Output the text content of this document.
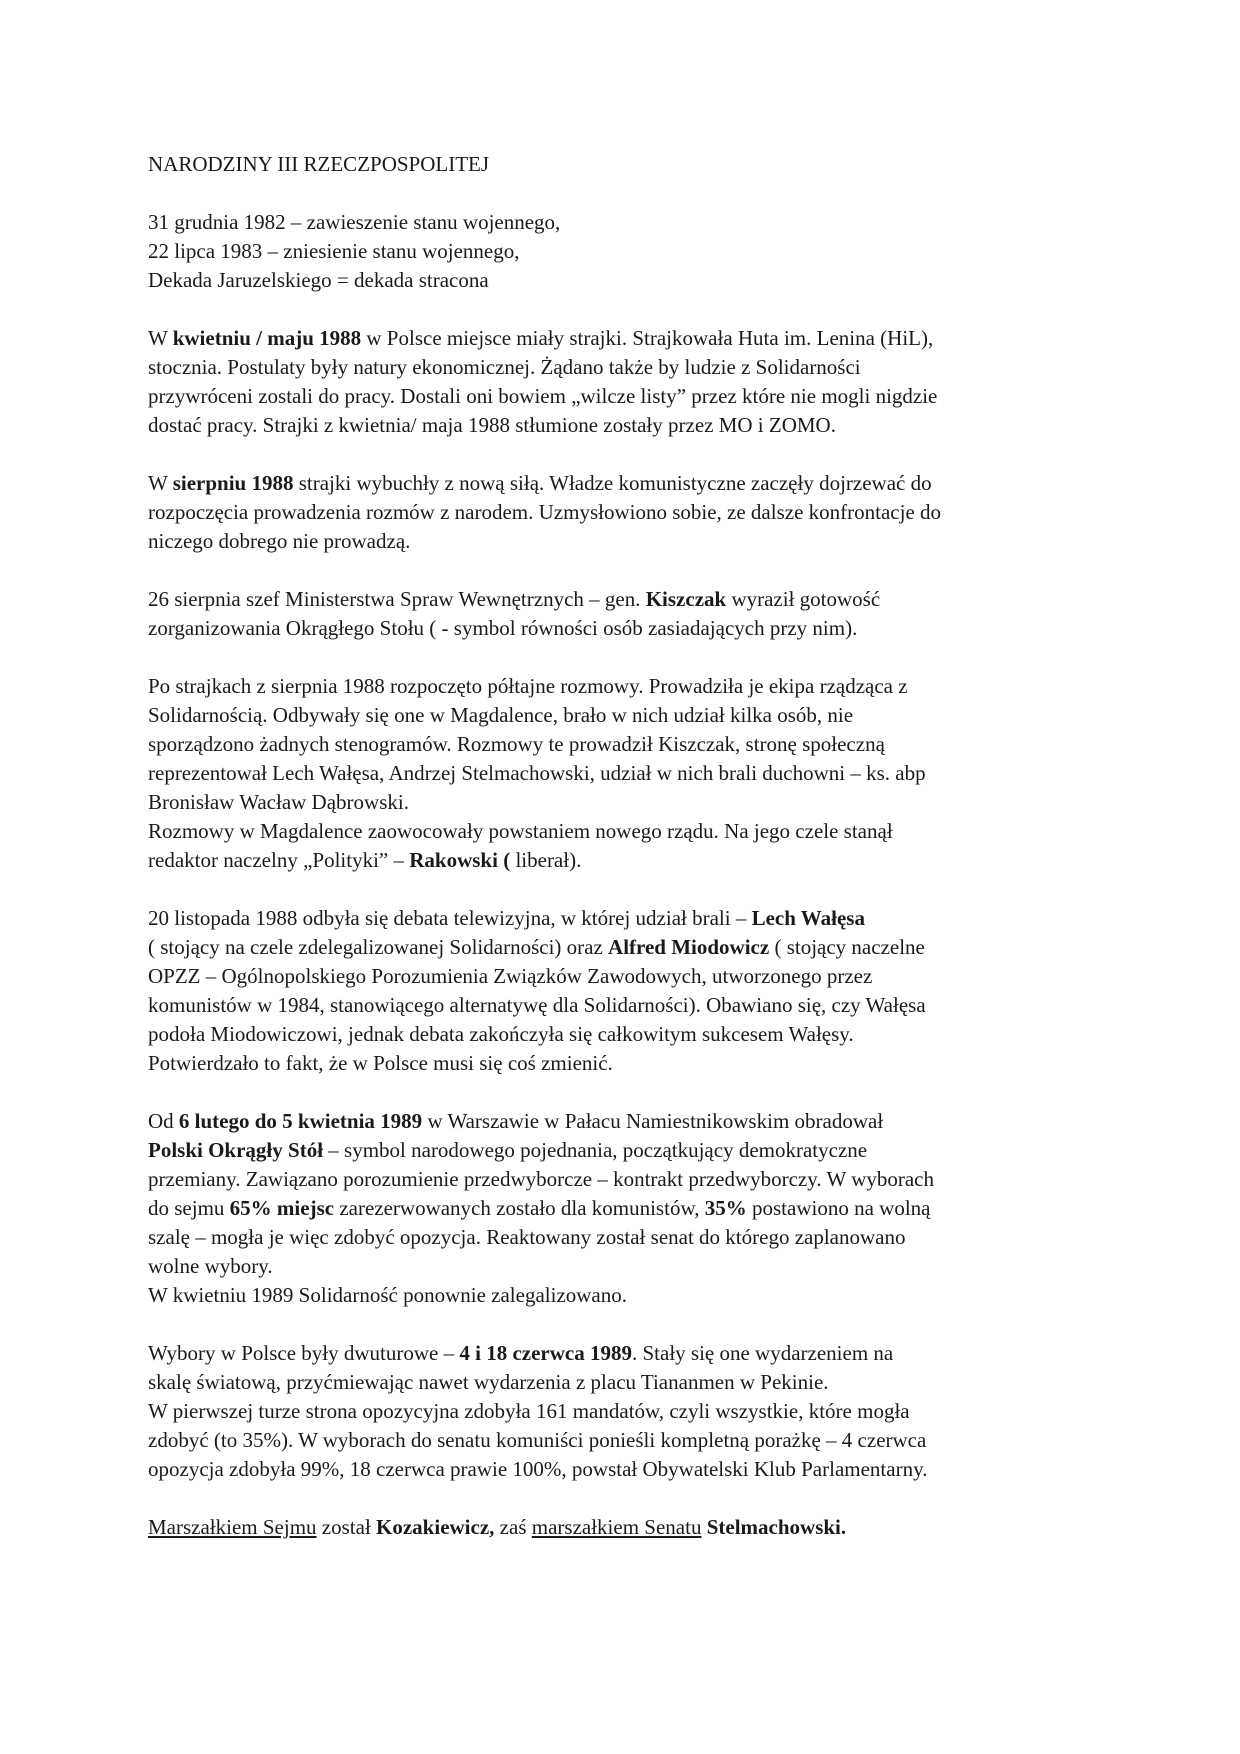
NARODZINY III RZECZPOSPOLITEJ

31 grudnia 1982 – zawieszenie stanu wojennego,
22 lipca 1983 – zniesienie stanu wojennego,
Dekada Jaruzelskiego = dekada stracona

W kwietniu / maju 1988 w Polsce miejsce miały strajki. Strajkowała Huta im. Lenina (HiL),
stocznia. Postulaty były natury ekonomicznej. Żądano także by ludzie z Solidarności
przywróceni zostali do pracy. Dostali oni bowiem „wilcze listy” przez które nie mogli nigdzie
dostać pracy. Strajki z kwietnia/ maja 1988 stłumione zostały przez MO i ZOMO.

W sierpniu 1988 strajki wybuchły z nową siłą. Władze komunistyczne zaczęły dojrzewać do
rozpoczęcia prowadzenia rozmów z narodem. Uzmysłowiono sobie, ze dalsze konfrontacje do
niczego dobrego nie prowadzą.

26 sierpnia szef Ministerstwa Spraw Wewnętrznych – gen. Kiszczak wyraził gotowość
zorganizowania Okrągłego Stołu ( - symbol równości osób zasiadających przy nim).

Po strajkach z sierpnia 1988 rozpoczęto półtajne rozmowy. Prowadziła je ekipa rządząca z
Solidarnością. Odbywały się one w Magdalence, brało w nich udział kilka osób, nie
sporządzono żadnych stenogramów. Rozmowy te prowadził Kiszczak, stronę społeczną
reprezentował Lech Wałęsa, Andrzej Stelmachowski, udział w nich brali duchowni – ks. abp
Bronisław Wacław Dąbrowski.
Rozmowy w Magdalence zaowocowały powstaniem nowego rządu. Na jego czele stanął
redaktor naczelny „Polityki” – Rakowski ( liberał).

20 listopada 1988 odbyła się debata telewizyjna, w której udział brali – Lech Wałęsa
( stojący na czele zdelegalizowanej Solidarności) oraz Alfred Miodowicz ( stojący naczelne
OPZZ – Ogólnopolskiego Porozumienia Związków Zawodowych, utworzonego przez
komunistów w 1984, stanowiącego alternatywę dla Solidarności). Obawiano się, czy Wałęsa
podoła Miodowiczowi, jednak debata zakończyła się całkowitym sukcesem Wałęsy.
Potwierdzało to fakt, że w Polsce musi się coś zmienić.

Od 6 lutego do 5 kwietnia 1989 w Warszawie w Pałacu Namiestnikowskim obradował
Polski Okrągły Stół – symbol narodowego pojednania, początkujący demokratyczne
przemiany. Zawiązano porozumienie przedwyborcze – kontrakt przedwyborczy. W wyborach
do sejmu 65% miejsc zarezerwowanych zostało dla komunistów, 35% postawiono na wolną
szalę – mogła je więc zdobyć opozycja. Reaktowany został senat do którego zaplanowano
wolne wybory.
W kwietniu 1989 Solidarność ponownie zalegalizowano.

Wybory w Polsce były dwuturowe – 4 i 18 czerwca 1989. Stały się one wydarzeniem na
skalę światową, przyćmiewając nawet wydarzenia z placu Tiananmen w Pekinie.
W pierwszej turze strona opozycyjna zdobyła 161 mandatów, czyli wszystkie, które mogła
zdobyć (to 35%). W wyborach do senatu komuniści ponieśli kompletną porażkę – 4 czerwca
opozycja zdobyła 99%, 18 czerwca prawie 100%, powstał Obywatelski Klub Parlamentarny.

Marszałkiem Sejmu został Kozakiewicz, zaś marszałkiem Senatu Stelmachowski.
